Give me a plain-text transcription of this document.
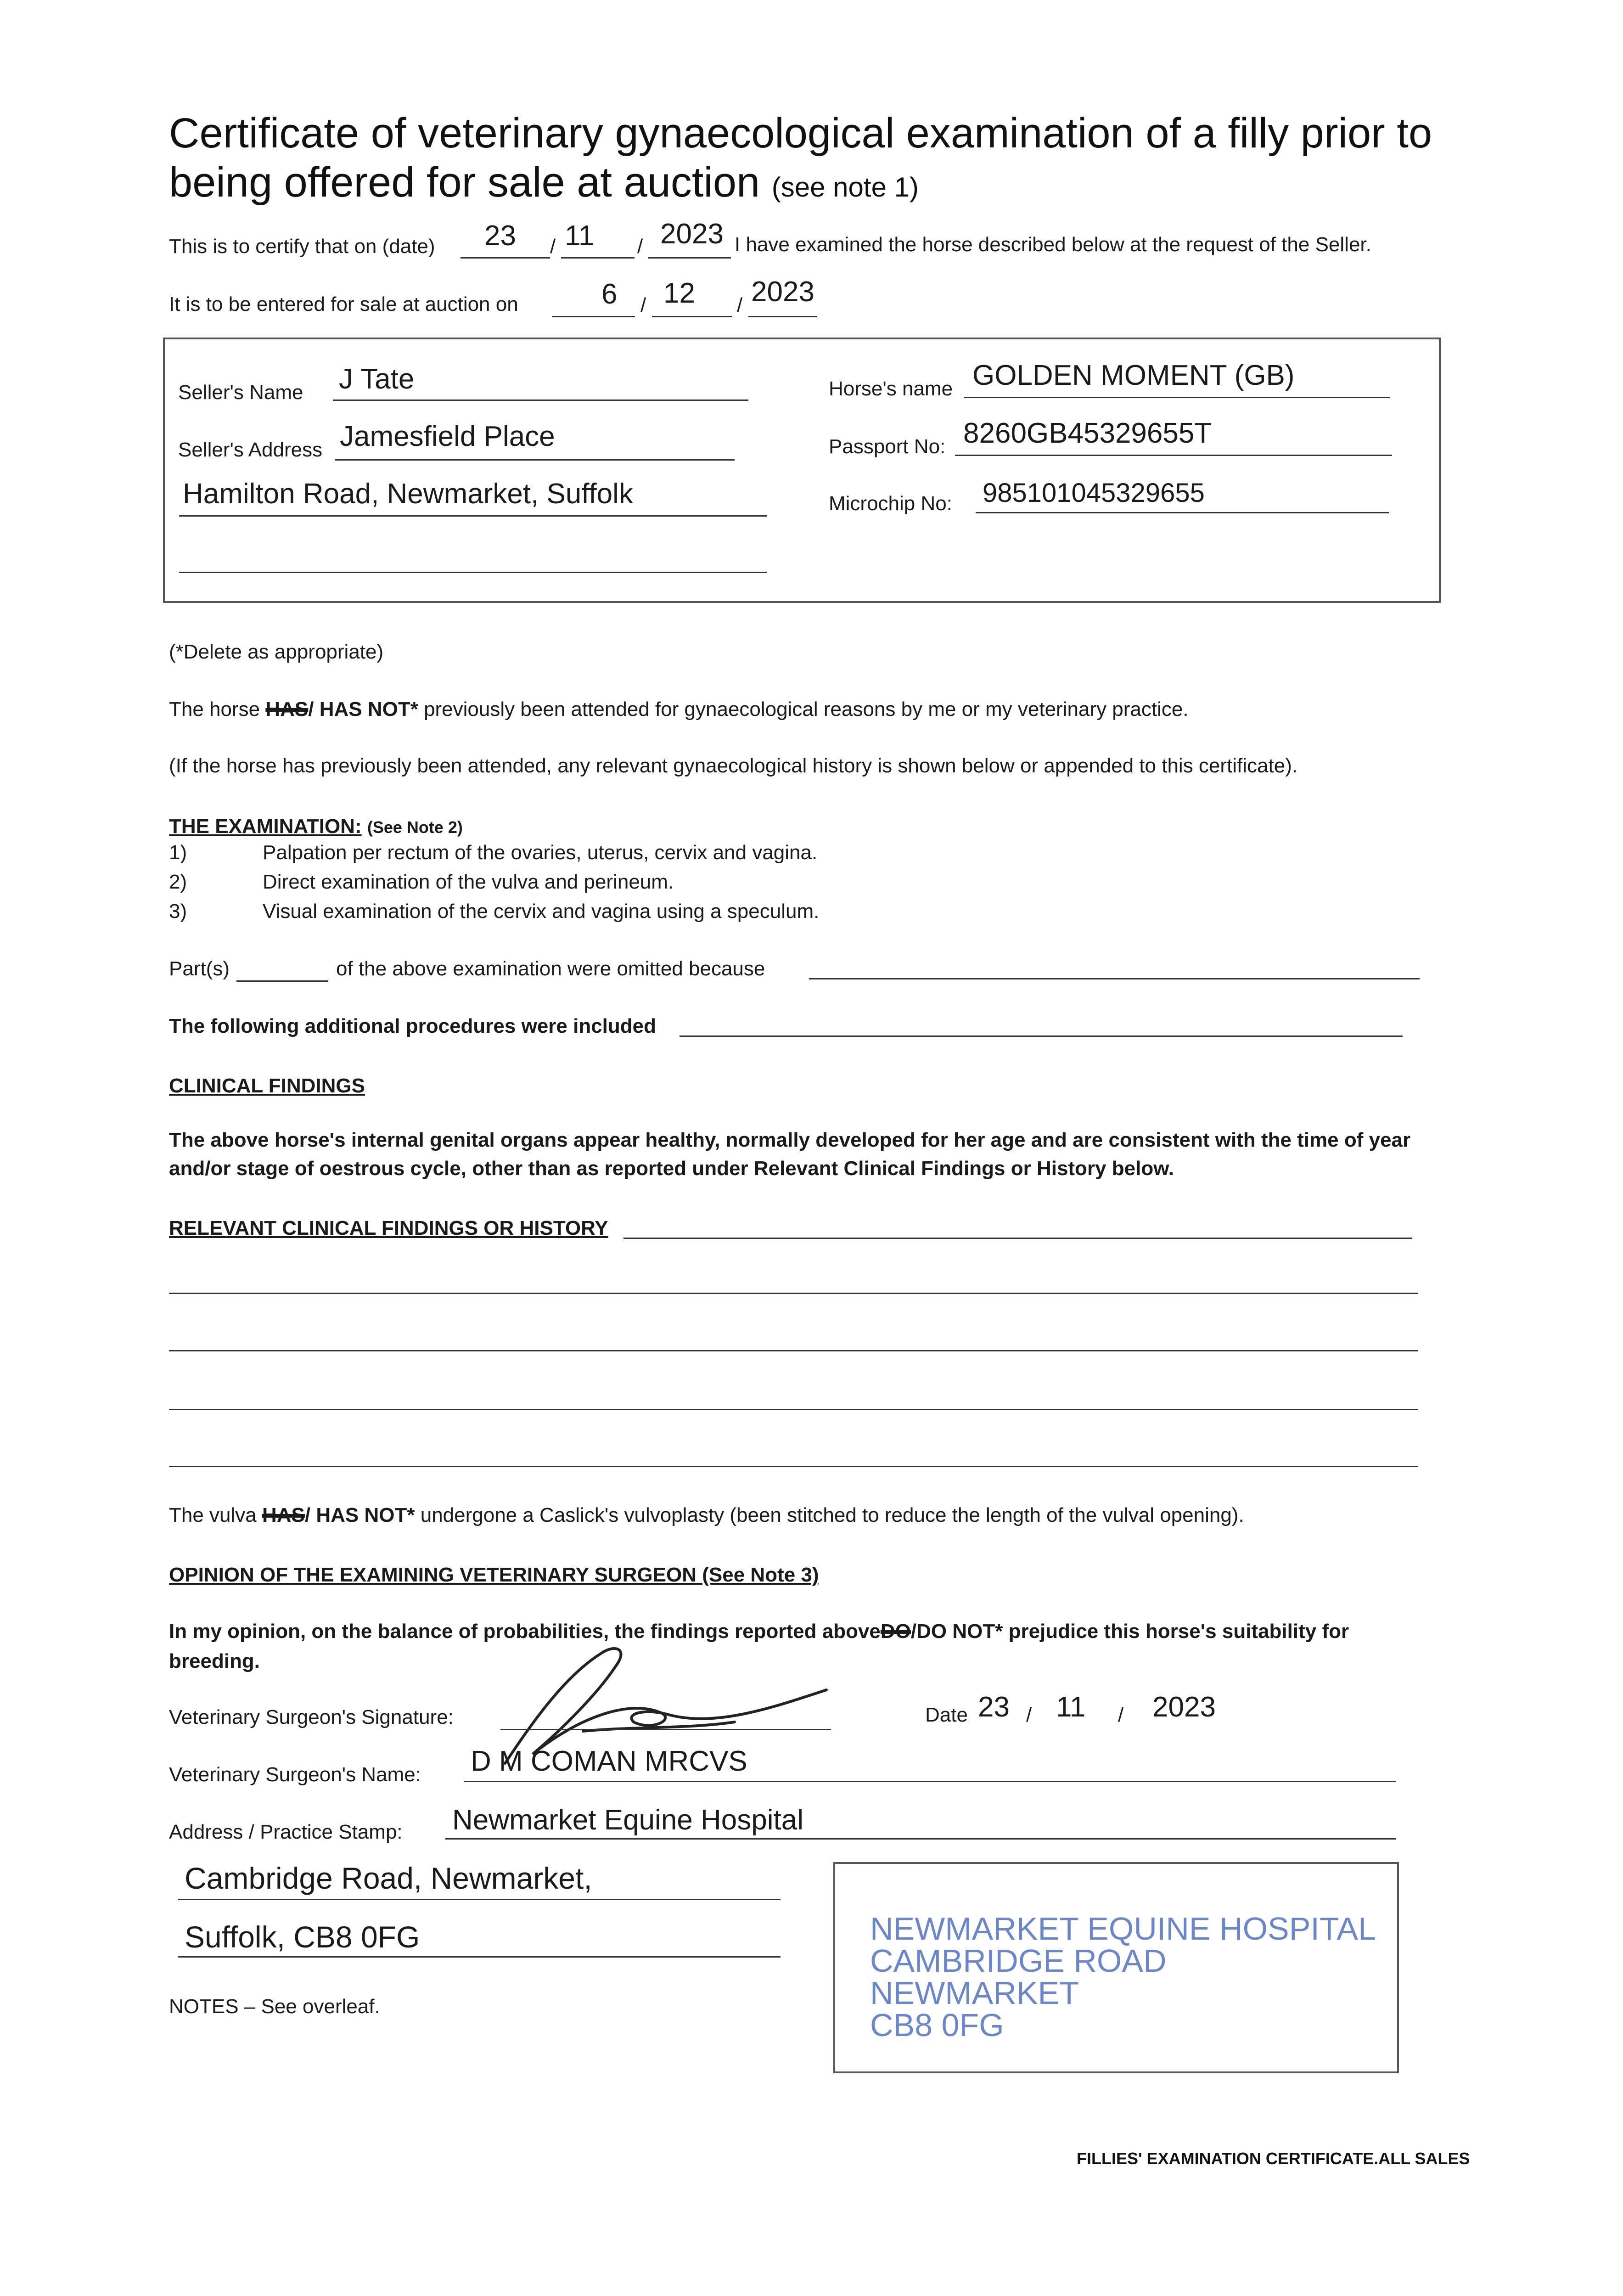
Certificate of veterinary gynaecological examination of a filly prior to
being offered for sale at auction (see note 1)
This is to certify that on (date) 23 / 11 / 2023 I have examined the horse described below at the request of the Seller.
It is to be entered for sale at auction on	6 / 12 / 2023
Seller's Name J Tate
Seller's Address Jamesfield Place
Hamilton Road, Newmarket, Suffolk
Horse's name GOLDEN MOMENT (GB)
Passport No: 8260GB45329655T
Microchip No: 985101045329655
(*Delete as appropriate)
The horse HAS/ HAS NOT* previously been attended for gynaecological reasons by me or my veterinary practice.
(If the horse has previously been attended, any relevant gynaecological history is shown below or appended to this certificate).
THE EXAMINATION: (See Note 2)
1)	Palpation per rectum of the ovaries, uterus, cervix and vagina.
2)	Direct examination of the vulva and perineum.
3)	Visual examination of the cervix and vagina using a speculum.
Part(s)	of the above examination were omitted because
The following additional procedures were included
CLINICAL FINDINGS
The above horse's internal genital organs appear healthy, normally developed for her age and are consistent with the time of year
and/or stage of oestrous cycle, other than as reported under Relevant Clinical Findings or History below.
RELEVANT CLINICAL FINDINGS OR HISTORY
The vulva HAS/ HAS NOT* undergone a Caslick's vulvoplasty (been stitched to reduce the length of the vulval opening).
OPINION OF THE EXAMINING VETERINARY SURGEON (See Note 3)
In my opinion, on the balance of probabilities, the findings reported aboveDO/DO NOT* prejudice this horse's suitability for
breeding.
Veterinary Surgeon's Signature:	Date 23 / 11 / 2023
Veterinary Surgeon's Name: D M COMAN MRCVS
Address / Practice Stamp: Newmarket Equine Hospital
Cambridge Road, Newmarket,
Suffolk, CB8 0FG
NOTES – See overleaf.
NEWMARKET EQUINE HOSPITAL
CAMBRIDGE ROAD
NEWMARKET
CB8 0FG
FILLIES' EXAMINATION CERTIFICATE.ALL SALES
